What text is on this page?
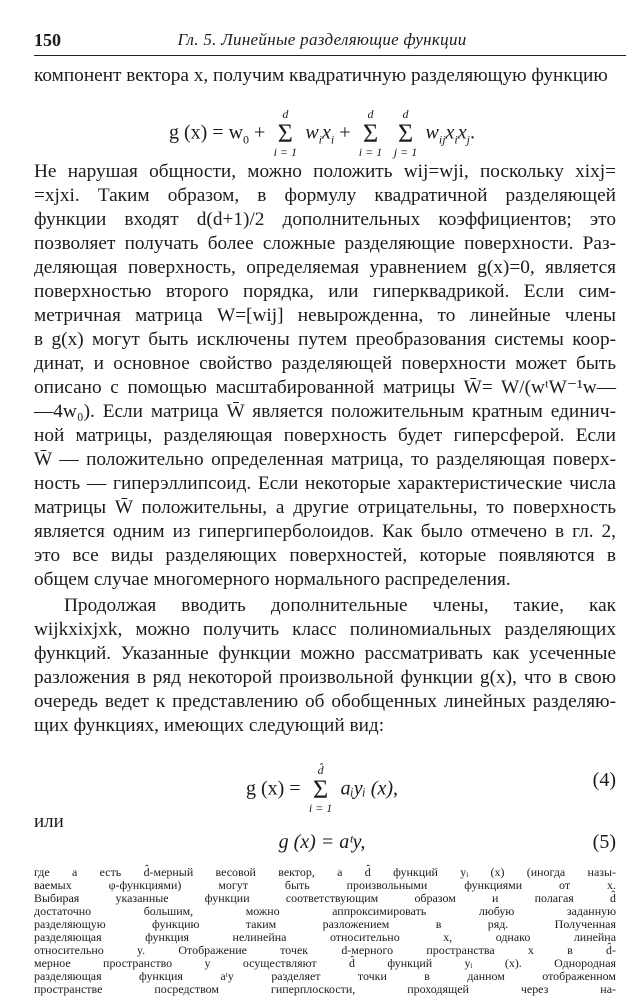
150	Гл. 5. Линейные разделяющие функции
компонент вектора x, получим квадратичную разделяющую функцию
g $(x) = w_0$ +
d
Σ
i = 1
$w_ix_i$ +
d
Σ
i = 1

d
Σ
j = 1
$w_{ij}x_ix_j$.
Не нарушая общности, можно положить wij=wji, поскольку xixj=
=xjxi. Таким образом, в формулу квадратичной разделяющей
функции входят d(d+1)/2 дополнительных коэффициентов; это
позволяет получать более сложные разделяющие поверхности. Раз-
деляющая поверхность, определяемая уравнением g(x)=0, является
поверхностью второго порядка, или гиперквадрикой. Если сим-
метричная матрица W=[wij] невырожденна, то линейные члены
в g(x) могут быть исключены путем преобразования системы коор-
динат, и основное свойство разделяющей поверхности может быть
описано с помощью масштабированной матрицы W̄= W/(wᵗW⁻¹w—
—4w₀). Если матрица W̄ является положительным кратным единич-
ной матрицы, разделяющая поверхность будет гиперсферой. Если
W̄ — положительно определенная матрица, то разделяющая поверх-
ность — гиперэллипсоид. Если некоторые характеристические числа
матрицы W̄ положительны, а другие отрицательны, то поверхность
является одним из гипергиперболоидов. Как было отмечено в гл. 2,
это все виды разделяющих поверхностей, которые появляются в
общем случае многомерного нормального распределения.
Продолжая вводить дополнительные члены, такие, как
wijkxixjxk, можно получить класс полиномиальных разделяющих
функций. Указанные функции можно рассматривать как усеченные
разложения в ряд некоторой произвольной функции g(x), что в свою
очередь ведет к представлению об обобщенных линейных разделяю-
щих функциях, имеющих следующий вид:
g (x) =
d̂
Σ
i = 1
aᵢyᵢ (x),	(4)
или
g (x) = aᵗy,	(5)
где a есть d̂-мерный весовой вектор, а d̂ функций yᵢ (x) (иногда назы-
ваемых φ-функциями) могут быть произвольными функциями от x.
Выбирая указанные функции соответствующим образом и полагая d̂
достаточно большим, можно аппроксимировать любую заданную
разделяющую функцию таким разложением в ряд. Полученная
разделяющая функция нелинейна относительно x, однако линейна
относительно y. Отображение точек d-мерного пространства x в d̂-
мерное пространство y осуществляют d̂ функций yᵢ (x). Однородная
разделяющая функция aᵗy разделяет точки в данном отображенном
пространстве посредством гиперплоскости, проходящей через на-
